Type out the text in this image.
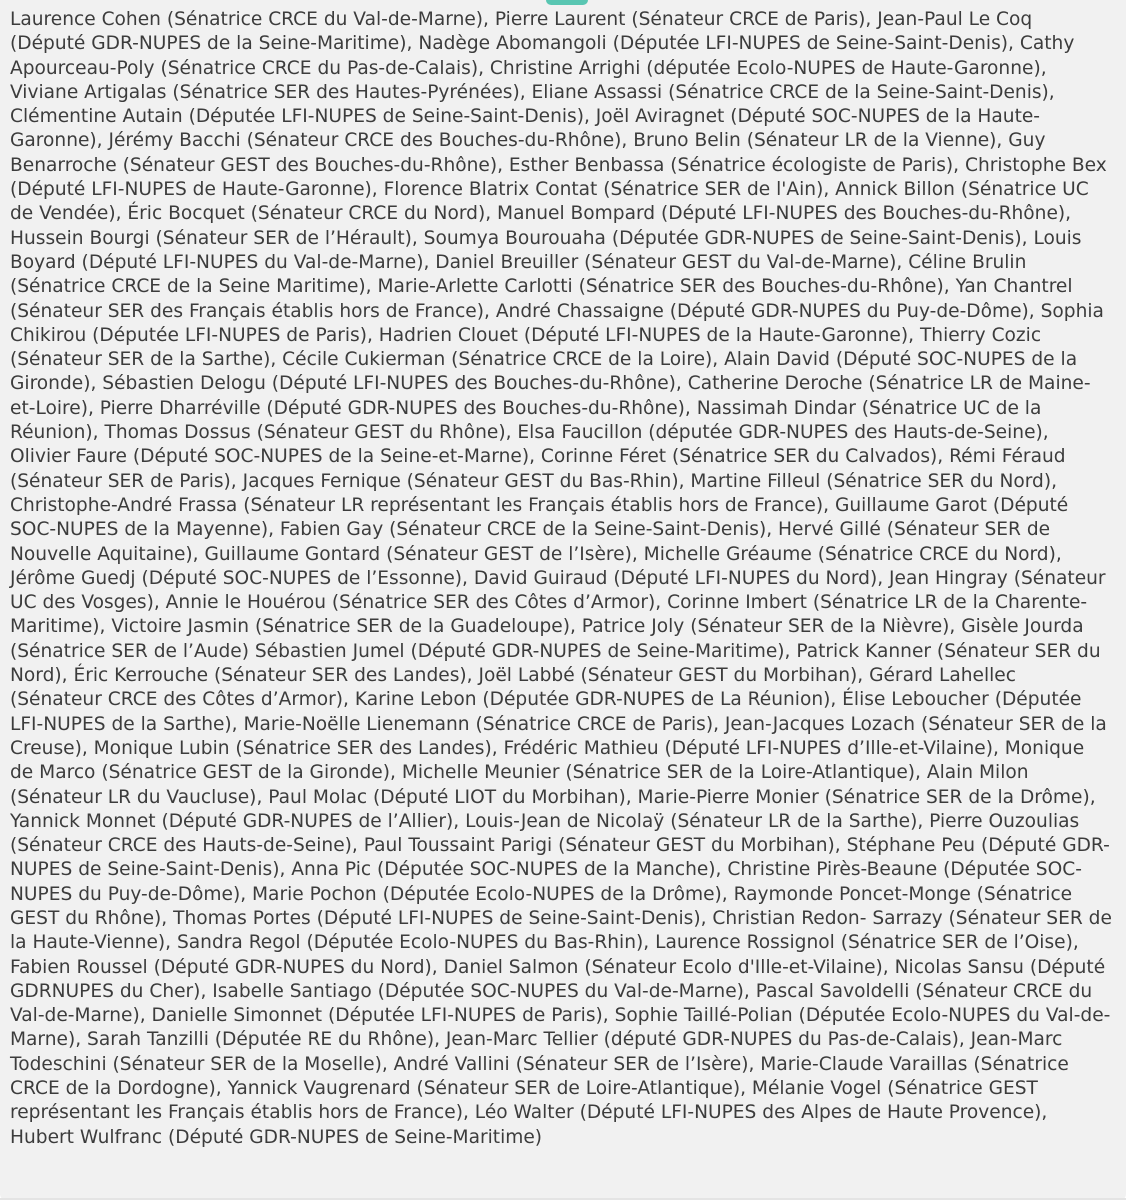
Laurence Cohen (Sénatrice CRCE du Val-de-Marne), Pierre Laurent (Sénateur CRCE de Paris), Jean-Paul Le Coq (Député GDR-NUPES de la Seine-Maritime), Nadège Abomangoli (Députée LFI-NUPES de Seine-Saint-Denis), Cathy Apourceau-Poly (Sénatrice CRCE du Pas-de-Calais), Christine Arrighi (députée Ecolo-NUPES de Haute-Garonne), Viviane Artigalas (Sénatrice SER des Hautes-Pyrénées), Eliane Assassi (Sénatrice CRCE de la Seine-Saint-Denis), Clémentine Autain (Députée LFI-NUPES de Seine-Saint-Denis), Joël Aviragnet (Député SOC-NUPES de la Haute-Garonne), Jérémy Bacchi (Sénateur CRCE des Bouches-du-Rhône), Bruno Belin (Sénateur LR de la Vienne), Guy Benarroche (Sénateur GEST des Bouches-du-Rhône), Esther Benbassa (Sénatrice écologiste de Paris), Christophe Bex (Député LFI-NUPES de Haute-Garonne), Florence Blatrix Contat (Sénatrice SER de l'Ain), Annick Billon (Sénatrice UC de Vendée), Éric Bocquet (Sénateur CRCE du Nord), Manuel Bompard (Député LFI-NUPES des Bouches-du-Rhône), Hussein Bourgi (Sénateur SER de l’Hérault), Soumya Bourouaha (Députée GDR-NUPES de Seine-Saint-Denis), Louis Boyard (Député LFI-NUPES du Val-de-Marne), Daniel Breuiller (Sénateur GEST du Val-de-Marne), Céline Brulin (Sénatrice CRCE de la Seine Maritime), Marie-Arlette Carlotti (Sénatrice SER des Bouches-du-Rhône), Yan Chantrel (Sénateur SER des Français établis hors de France), André Chassaigne (Député GDR-NUPES du Puy-de-Dôme), Sophia Chikirou (Députée LFI-NUPES de Paris), Hadrien Clouet (Député LFI-NUPES de la Haute-Garonne), Thierry Cozic (Sénateur SER de la Sarthe), Cécile Cukierman (Sénatrice CRCE de la Loire), Alain David (Député SOC-NUPES de la Gironde), Sébastien Delogu (Député LFI-NUPES des Bouches-du-Rhône), Catherine Deroche (Sénatrice LR de Maine-et-Loire), Pierre Dharréville (Député GDR-NUPES des Bouches-du-Rhône), Nassimah Dindar (Sénatrice UC de la Réunion), Thomas Dossus (Sénateur GEST du Rhône), Elsa Faucillon (députée GDR-NUPES des Hauts-de-Seine), Olivier Faure (Député SOC-NUPES de la Seine-et-Marne), Corinne Féret (Sénatrice SER du Calvados), Rémi Féraud (Sénateur SER de Paris), Jacques Fernique (Sénateur GEST du Bas-Rhin), Martine Filleul (Sénatrice SER du Nord), Christophe-André Frassa (Sénateur LR représentant les Français établis hors de France), Guillaume Garot (Député SOC-NUPES de la Mayenne), Fabien Gay (Sénateur CRCE de la Seine-Saint-Denis), Hervé Gillé (Sénateur SER de Nouvelle Aquitaine), Guillaume Gontard (Sénateur GEST de l’Isère), Michelle Gréaume (Sénatrice CRCE du Nord), Jérôme Guedj (Député SOC-NUPES de l’Essonne), David Guiraud (Député LFI-NUPES du Nord), Jean Hingray (Sénateur UC des Vosges), Annie le Houérou (Sénatrice SER des Côtes d’Armor), Corinne Imbert (Sénatrice LR de la Charente-Maritime), Victoire Jasmin (Sénatrice SER de la Guadeloupe), Patrice Joly (Sénateur SER de la Nièvre), Gisèle Jourda (Sénatrice SER de l’Aude) Sébastien Jumel (Député GDR-NUPES de Seine-Maritime), Patrick Kanner (Sénateur SER du Nord), Éric Kerrouche (Sénateur SER des Landes), Joël Labbé (Sénateur GEST du Morbihan), Gérard Lahellec (Sénateur CRCE des Côtes d’Armor), Karine Lebon (Députée GDR-NUPES de La Réunion), Élise Leboucher (Députée LFI-NUPES de la Sarthe), Marie-Noëlle Lienemann (Sénatrice CRCE de Paris), Jean-Jacques Lozach (Sénateur SER de la Creuse), Monique Lubin (Sénatrice SER des Landes), Frédéric Mathieu (Député LFI-NUPES d’Ille-et-Vilaine), Monique de Marco (Sénatrice GEST de la Gironde), Michelle Meunier (Sénatrice SER de la Loire-Atlantique), Alain Milon (Sénateur LR du Vaucluse), Paul Molac (Député LIOT du Morbihan), Marie-Pierre Monier (Sénatrice SER de la Drôme), Yannick Monnet (Député GDR-NUPES de l’Allier), Louis-Jean de Nicolaÿ (Sénateur LR de la Sarthe), Pierre Ouzoulias (Sénateur CRCE des Hauts-de-Seine), Paul Toussaint Parigi (Sénateur GEST du Morbihan), Stéphane Peu (Député GDR-NUPES de Seine-Saint-Denis), Anna Pic (Députée SOC-NUPES de la Manche), Christine Pirès-Beaune (Députée SOC-NUPES du Puy-de-Dôme), Marie Pochon (Députée Ecolo-NUPES de la Drôme), Raymonde Poncet-Monge (Sénatrice GEST du Rhône), Thomas Portes (Député LFI-NUPES de Seine-Saint-Denis), Christian Redon- Sarrazy (Sénateur SER de la Haute-Vienne), Sandra Regol (Députée Ecolo-NUPES du Bas-Rhin), Laurence Rossignol (Sénatrice SER de l’Oise), Fabien Roussel (Député GDR-NUPES du Nord), Daniel Salmon (Sénateur Ecolo d'Ille-et-Vilaine), Nicolas Sansu (Député GDRNUPES du Cher), Isabelle Santiago (Députée SOC-NUPES du Val-de-Marne), Pascal Savoldelli (Sénateur CRCE du Val-de-Marne), Danielle Simonnet (Députée LFI-NUPES de Paris), Sophie Taillé-Polian (Députée Ecolo-NUPES du Val-de-Marne), Sarah Tanzilli (Députée RE du Rhône), Jean-Marc Tellier (député GDR-NUPES du Pas-de-Calais), Jean-Marc Todeschini (Sénateur SER de la Moselle), André Vallini (Sénateur SER de l’Isère), Marie-Claude Varaillas (Sénatrice CRCE de la Dordogne), Yannick Vaugrenard (Sénateur SER de Loire-Atlantique), Mélanie Vogel (Sénatrice GEST représentant les Français établis hors de France), Léo Walter (Député LFI-NUPES des Alpes de Haute Provence), Hubert Wulfranc (Député GDR-NUPES de Seine-Maritime)
